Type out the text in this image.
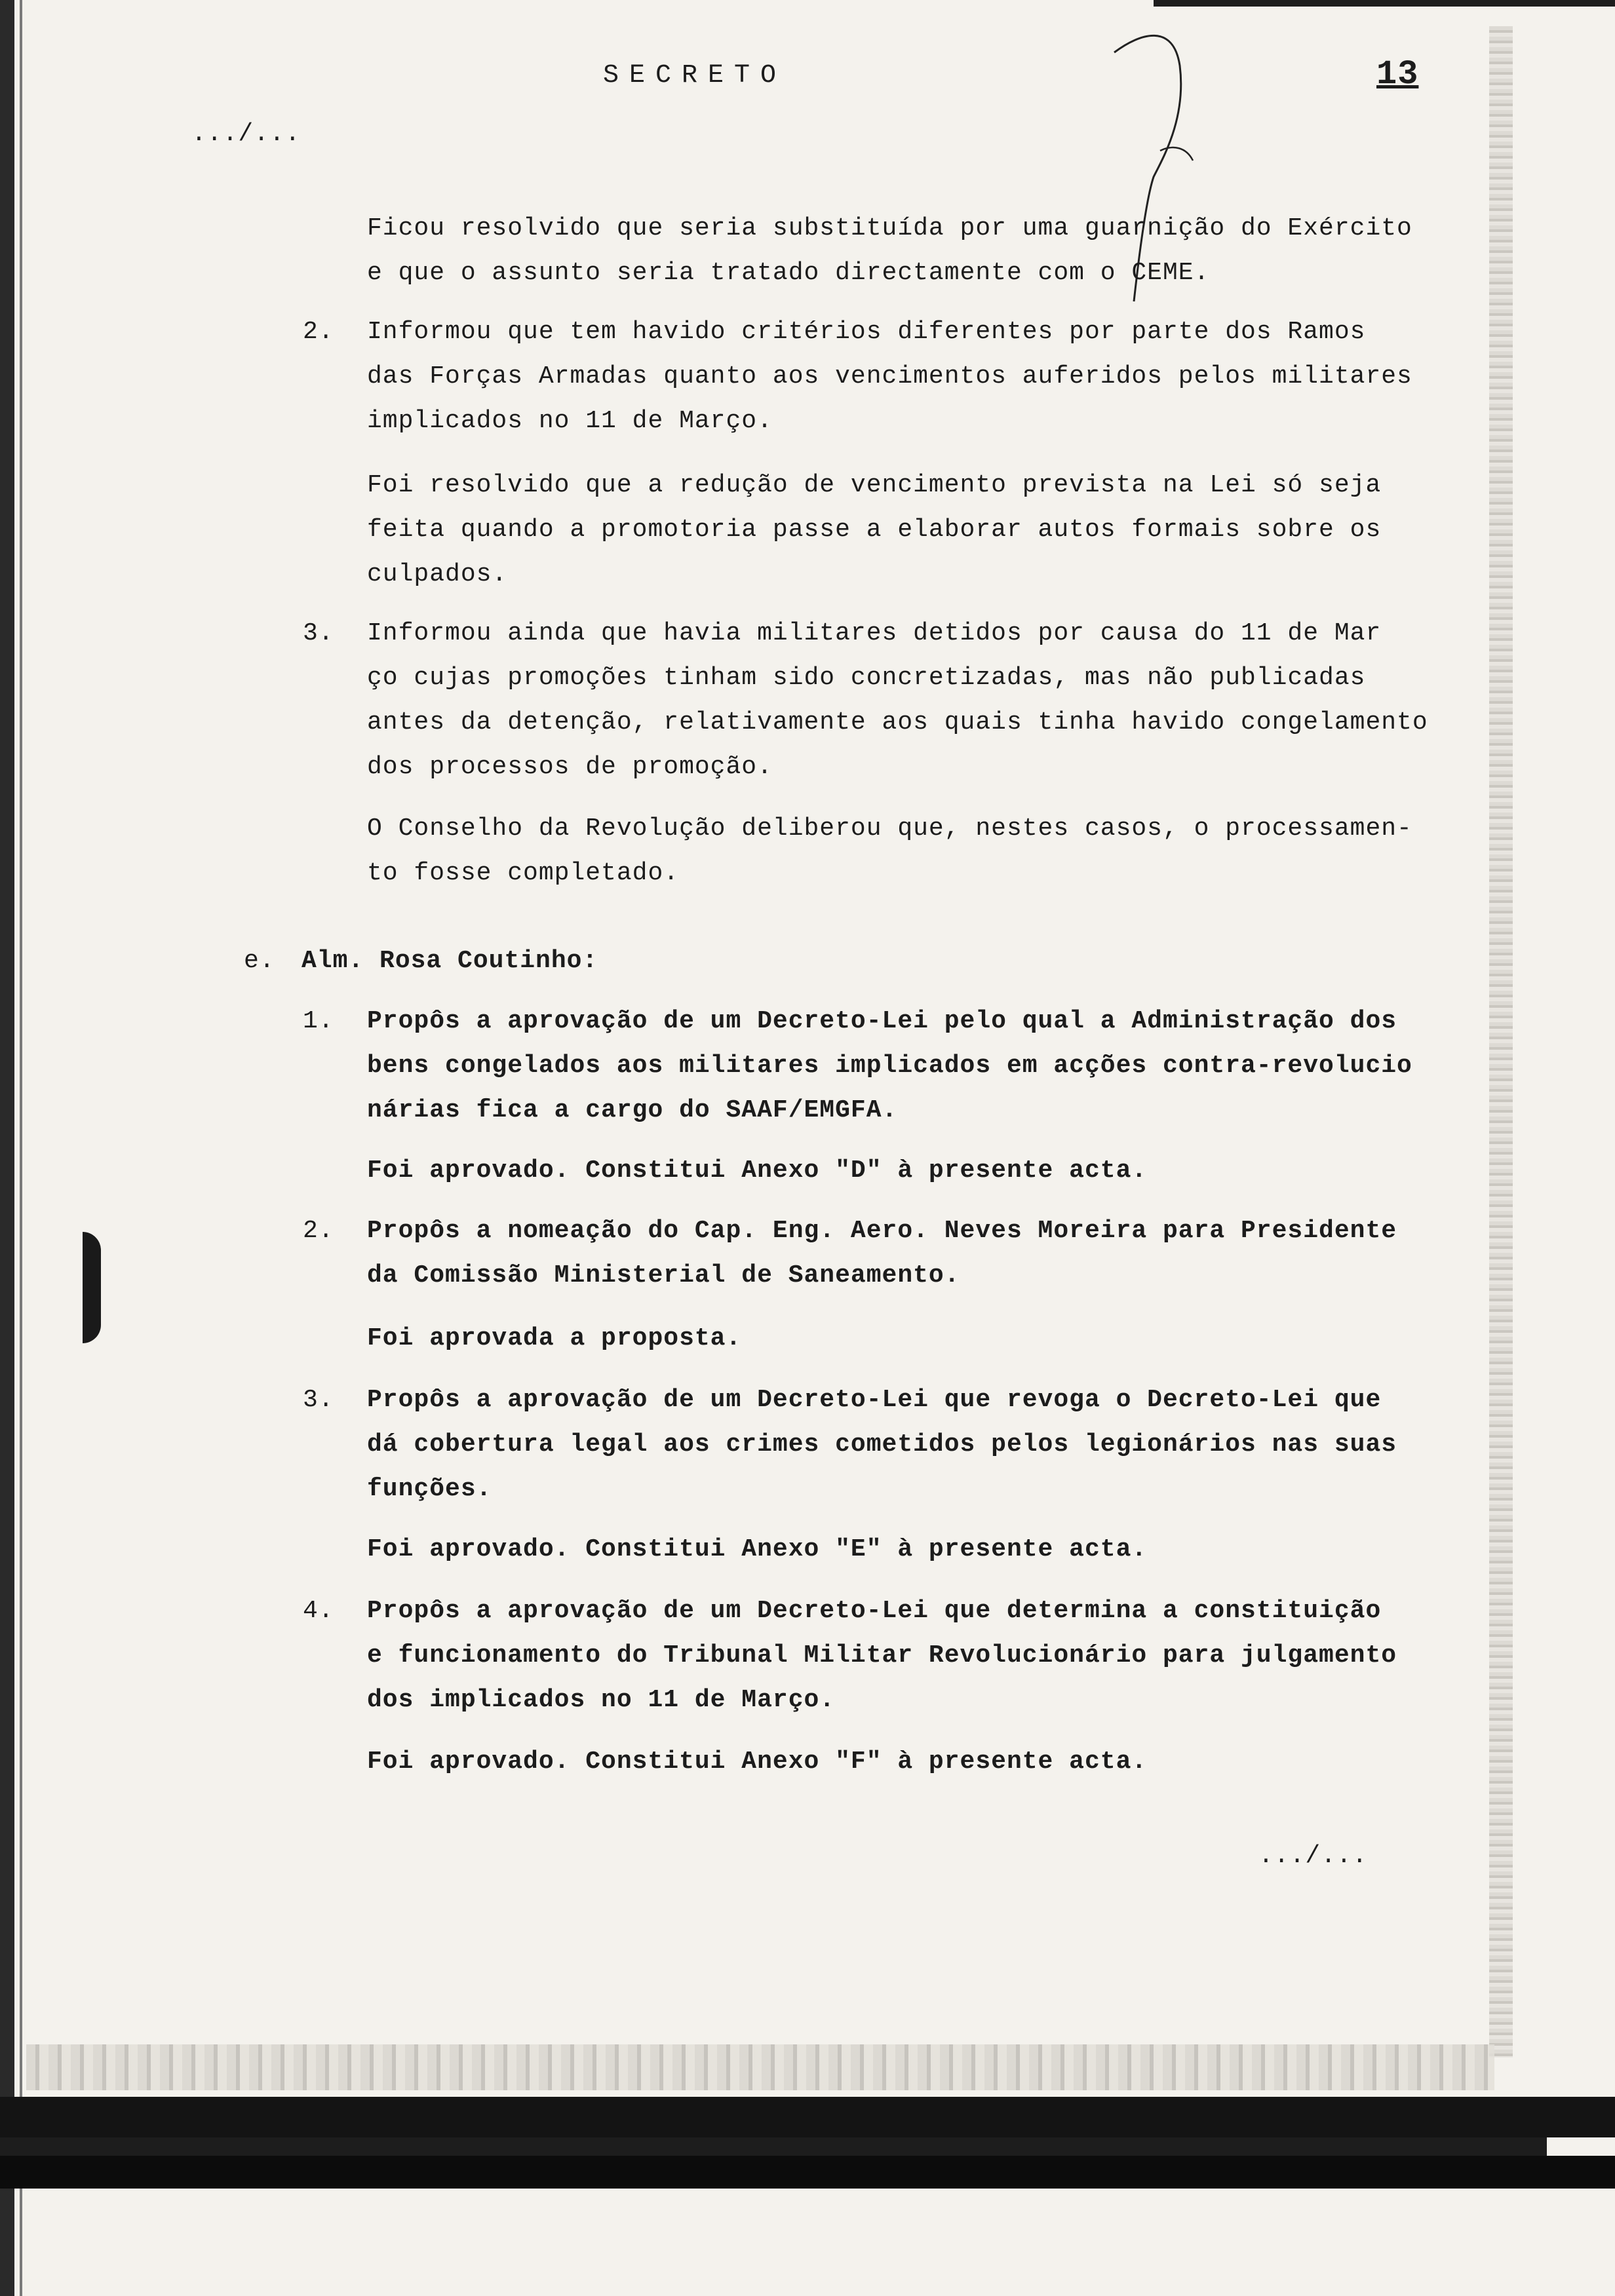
SECRETO	13
.../...
Ficou resolvido que seria substituída por uma guarnição do Exército
e que o assunto seria tratado directamente com o CEME.
2. Informou que tem havido critérios diferentes por parte dos Ramos
das Forças Armadas quanto aos vencimentos auferidos pelos militares
implicados no 11 de Março.
Foi resolvido que a redução de vencimento prevista na Lei só seja
feita quando a promotoria passe a elaborar autos formais sobre os
culpados.
3. Informou ainda que havia militares detidos por causa do 11 de Mar
ço cujas promoções tinham sido concretizadas, mas não publicadas
antes da detenção, relativamente aos quais tinha havido congelamento
dos processos de promoção.
O Conselho da Revolução deliberou que, nestes casos, o processamen-
to fosse completado.
e. Alm. Rosa Coutinho:
1. Propôs a aprovação de um Decreto-Lei pelo qual a Administração dos
bens congelados aos militares implicados em acções contra-revolucio
nárias fica a cargo do SAAF/EMGFA.
Foi aprovado. Constitui Anexo "D" à presente acta.
2. Propôs a nomeação do Cap. Eng. Aero. Neves Moreira para Presidente
da Comissão Ministerial de Saneamento.
Foi aprovada a proposta.
3. Propôs a aprovação de um Decreto-Lei que revoga o Decreto-Lei que
dá cobertura legal aos crimes cometidos pelos legionários nas suas
funções.
Foi aprovado. Constitui Anexo "E" à presente acta.
4. Propôs a aprovação de um Decreto-Lei que determina a constituição
e funcionamento do Tribunal Militar Revolucionário para julgamento
dos implicados no 11 de Março.
Foi aprovado. Constitui Anexo "F" à presente acta.
.../...
